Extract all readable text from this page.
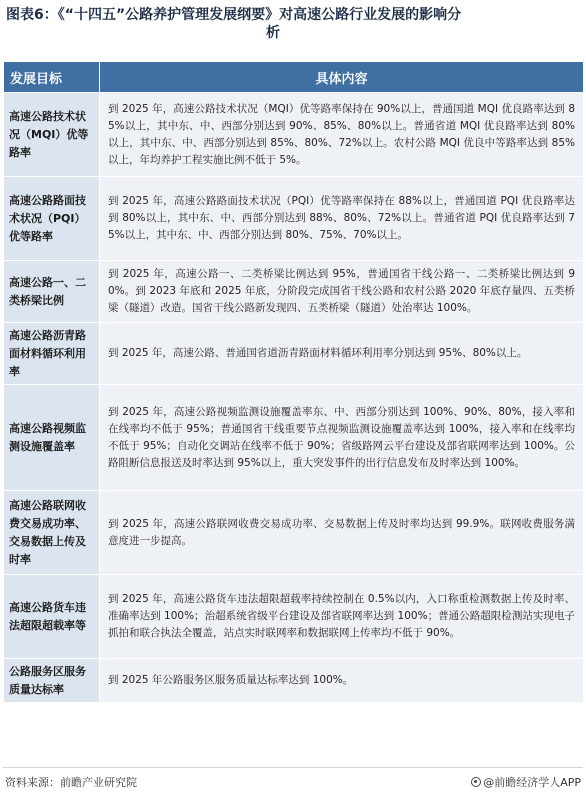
图表6：《“十四五”公路养护管理发展纲要》对高速公路行业发展的影响分
析
发展目标	具体内容
高速公路技术状况（MQI）优等路率	到 2025 年，高速公路技术状况（MQI）优等路率保持在 90%以上，普通国道 MQI 优良路率达到 85%以上，其中东、中、西部分别达到 90%、85%、80%以上。普通省道 MQI 优良路率达到 80%以上，其中东、中、西部分别达到 85%、80%、72%以上。农村公路 MQI 优良中等路率达到 85%以上，年均养护工程实施比例不低于 5%。
高速公路路面技术状况（PQI）优等路率	到 2025 年，高速公路路面技术状况（PQI）优等路率保持在 88%以上，普通国道 PQI 优良路率达到 80%以上，其中东、中、西部分别达到 88%、80%、72%以上。普通省道 PQI 优良路率达到 75%以上，其中东、中、西部分别达到 80%、75%、70%以上。
高速公路一、二类桥梁比例	到 2025 年，高速公路一、二类桥梁比例达到 95%，普通国省干线公路一、二类桥梁比例达到 90%。到 2023 年底和 2025 年底，分阶段完成国省干线公路和农村公路 2020 年底存量四、五类桥梁（隧道）改造。国省干线公路新发现四、五类桥梁（隧道）处治率达 100%。
高速公路沥青路面材料循环利用率	到 2025 年，高速公路、普通国省道沥青路面材料循环利用率分别达到 95%、80%以上。
高速公路视频监测设施覆盖率	到 2025 年，高速公路视频监测设施覆盖率东、中、西部分别达到 100%、90%、80%，接入率和在线率均不低于 95%；普通国省干线重要节点视频监测设施覆盖率达到 100%，接入率和在线率均不低于 95%；自动化交调站在线率不低于 90%；省级路网云平台建设及部省联网率达到 100%。公路阻断信息报送及时率达到 95%以上，重大突发事件的出行信息发布及时率达到 100%。
高速公路联网收费交易成功率、交易数据上传及时率	到 2025 年，高速公路联网收费交易成功率、交易数据上传及时率均达到 99.9%。联网收费服务满意度进一步提高。
高速公路货车违法超限超载率等	到 2025 年，高速公路货车违法超限超载率持续控制在 0.5%以内，入口称重检测数据上传及时率、准确率达到 100%；治超系统省级平台建设及部省联网率达到 100%；普通公路超限检测站实现电子抓拍和联合执法全覆盖，站点实时联网率和数据联网上传率均不低于 90%。
公路服务区服务质量达标率	到 2025 年公路服务区服务质量达标率达到 100%。
资料来源：前瞻产业研究院	@前瞻经济学人APP
